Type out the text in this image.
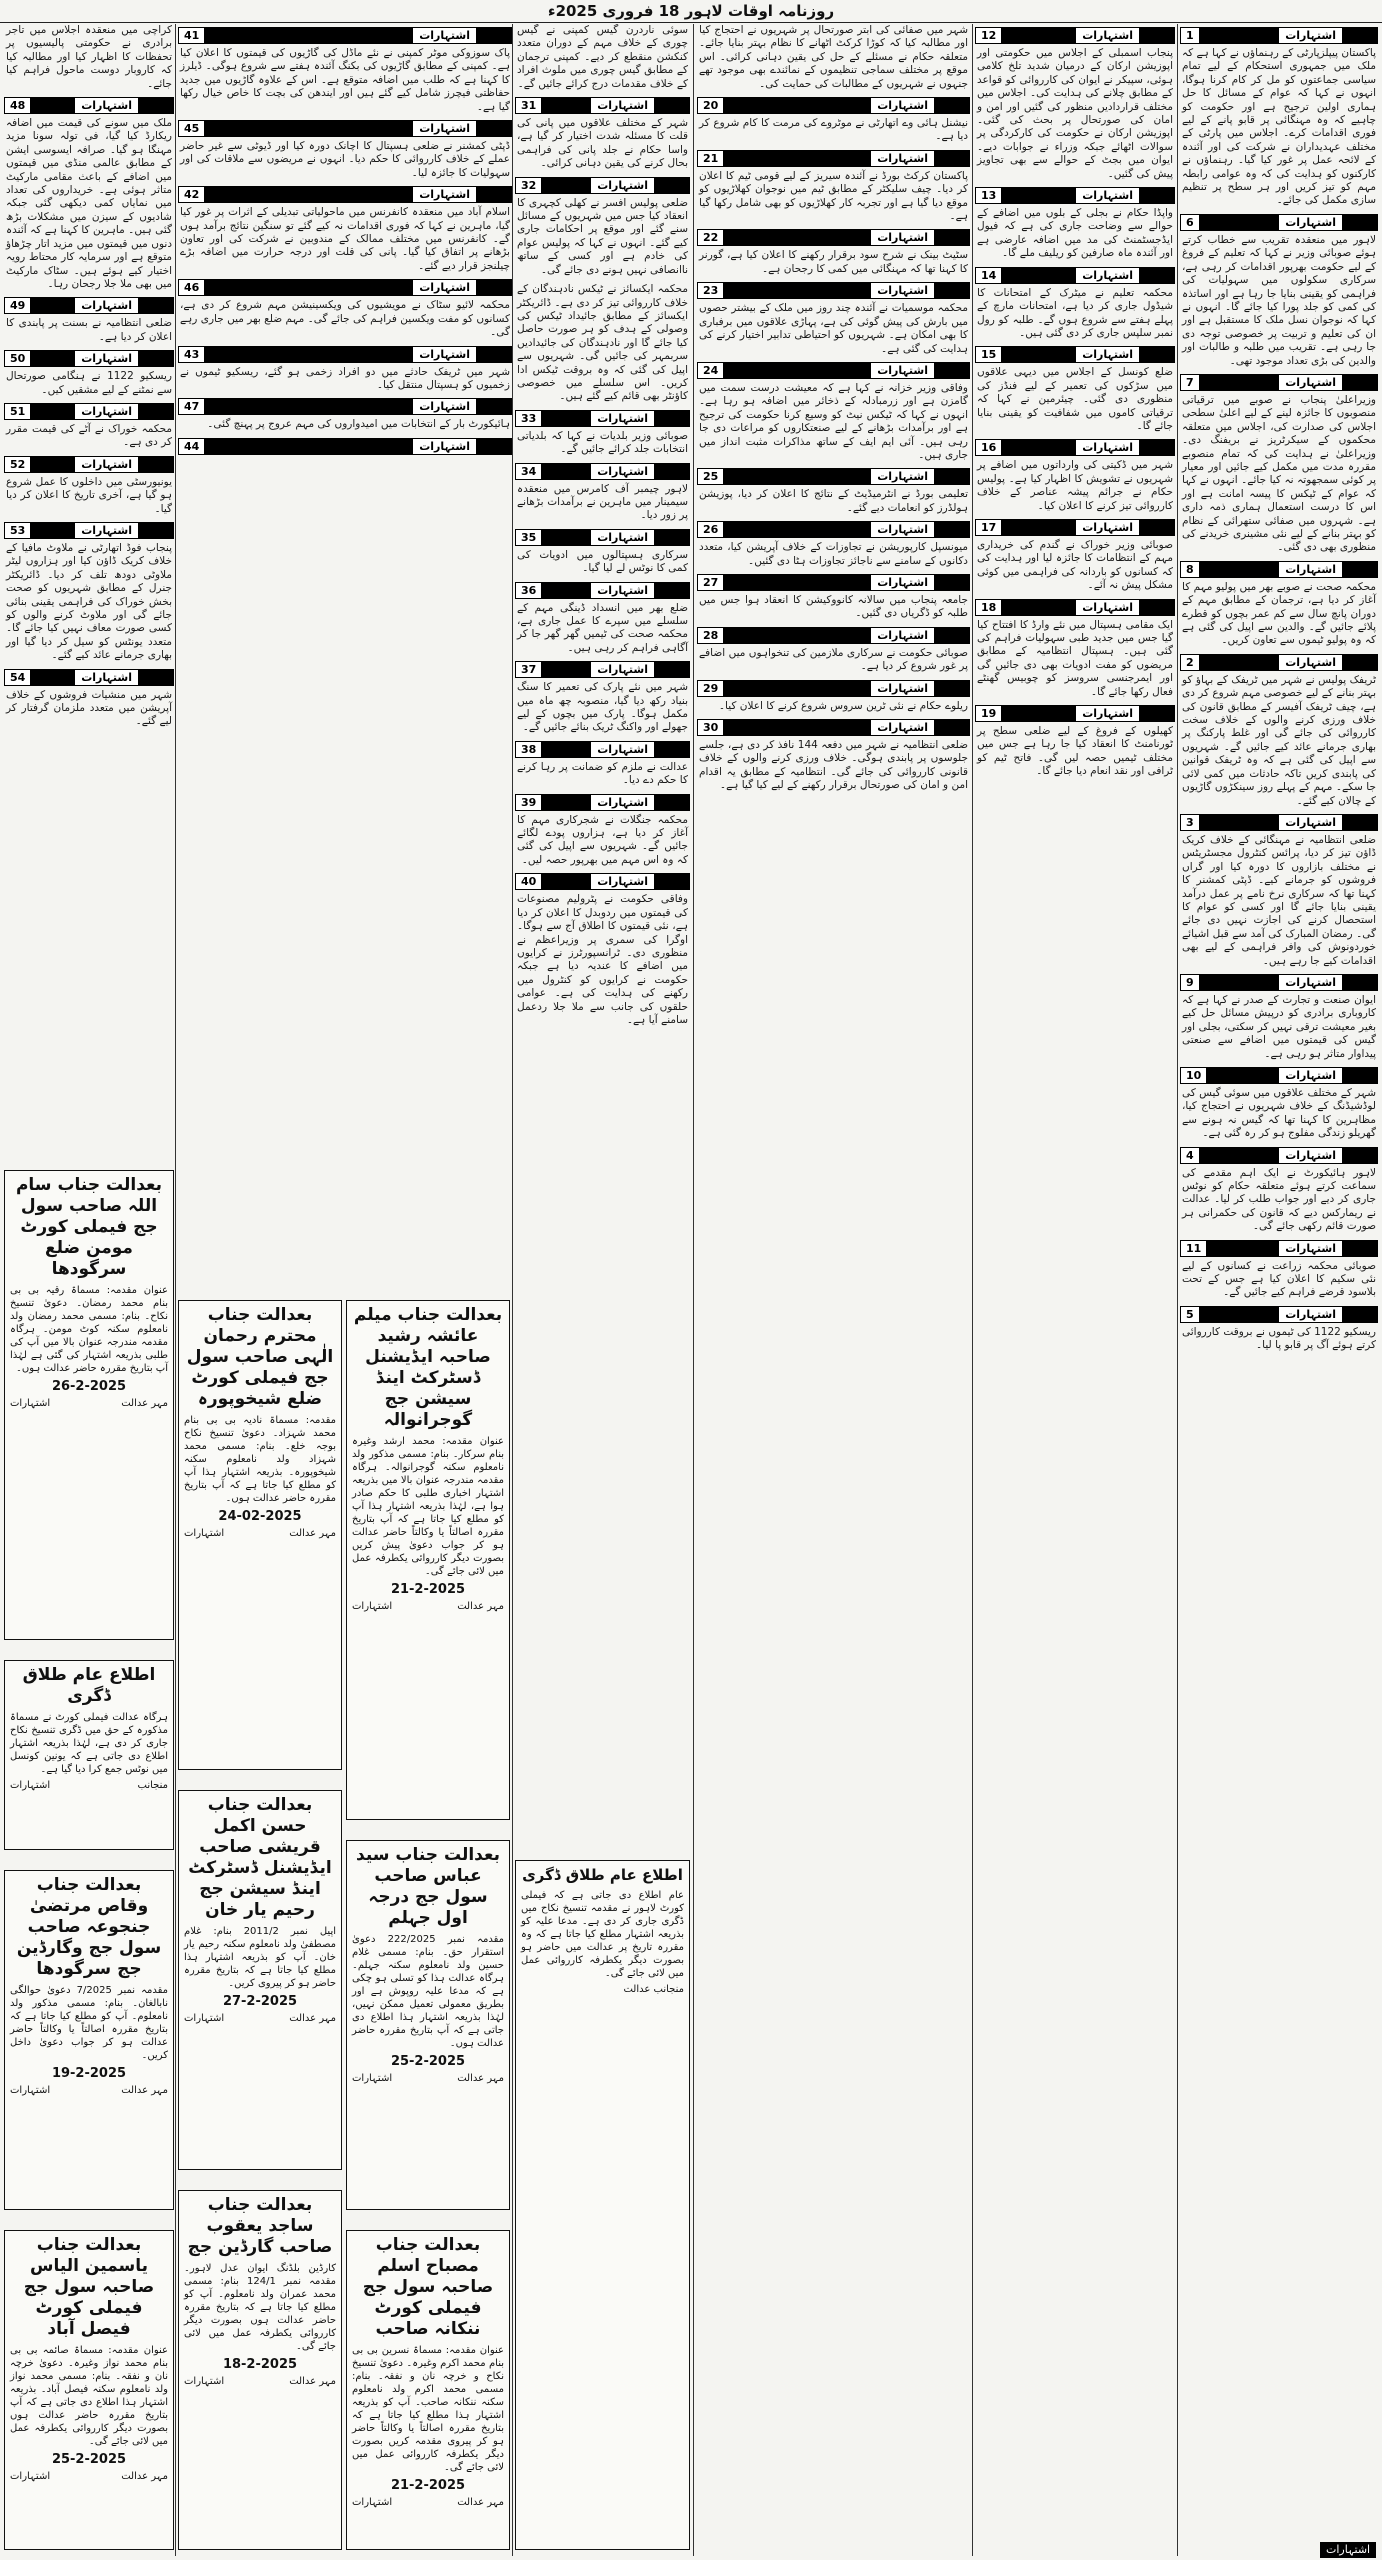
روزنامہ اوقات لاہور 18 فروری 2025ء
1	اشتہارات

پاکستان پیپلزپارٹی کے رہنماؤں نے کہا ہے کہ ملک میں جمہوری استحکام کے لیے تمام سیاسی جماعتوں کو مل کر کام کرنا ہوگا، انہوں نے کہا کہ عوام کے مسائل کا حل ہماری اولین ترجیح ہے اور حکومت کو چاہیے کہ وہ مہنگائی پر قابو پانے کے لیے فوری اقدامات کرے۔ اجلاس میں پارٹی کے مختلف عہدیداران نے شرکت کی اور آئندہ کے لائحہ عمل پر غور کیا گیا۔ رہنماؤں نے کارکنوں کو ہدایت کی کہ وہ عوامی رابطہ مہم کو تیز کریں اور ہر سطح پر تنظیم سازی مکمل کی جائے۔

6	اشتہارات

لاہور میں منعقدہ تقریب سے خطاب کرتے ہوئے صوبائی وزیر نے کہا کہ تعلیم کے فروغ کے لیے حکومت بھرپور اقدامات کر رہی ہے، سرکاری سکولوں میں سہولیات کی فراہمی کو یقینی بنایا جا رہا ہے اور اساتذہ کی کمی کو جلد پورا کیا جائے گا۔ انہوں نے کہا کہ نوجوان نسل ملک کا مستقبل ہے اور ان کی تعلیم و تربیت پر خصوصی توجہ دی جا رہی ہے۔ تقریب میں طلبہ و طالبات اور والدین کی بڑی تعداد موجود تھی۔

7	اشتہارات

وزیراعلیٰ پنجاب نے صوبے میں ترقیاتی منصوبوں کا جائزہ لینے کے لیے اعلیٰ سطحی اجلاس کی صدارت کی، اجلاس میں متعلقہ محکموں کے سیکرٹریز نے بریفنگ دی۔ وزیراعلیٰ نے ہدایت کی کہ تمام منصوبے مقررہ مدت میں مکمل کیے جائیں اور معیار پر کوئی سمجھوتہ نہ کیا جائے۔ انہوں نے کہا کہ عوام کے ٹیکس کا پیسہ امانت ہے اور اس کا درست استعمال ہماری ذمہ داری ہے۔ شہروں میں صفائی ستھرائی کے نظام کو بہتر بنانے کے لیے نئی مشینری خریدنے کی منظوری بھی دی گئی۔

8	اشتہارات

محکمہ صحت نے صوبے بھر میں پولیو مہم کا آغاز کر دیا ہے، ترجمان کے مطابق مہم کے دوران پانچ سال سے کم عمر بچوں کو قطرے پلائے جائیں گے۔ والدین سے اپیل کی گئی ہے کہ وہ پولیو ٹیموں سے تعاون کریں۔

2	اشتہارات

ٹریفک پولیس نے شہر میں ٹریفک کے بہاؤ کو بہتر بنانے کے لیے خصوصی مہم شروع کر دی ہے، چیف ٹریفک آفیسر کے مطابق قانون کی خلاف ورزی کرنے والوں کے خلاف سخت کارروائی کی جائے گی اور غلط پارکنگ پر بھاری جرمانے عائد کیے جائیں گے۔ شہریوں سے اپیل کی گئی ہے کہ وہ ٹریفک قوانین کی پابندی کریں تاکہ حادثات میں کمی لائی جا سکے۔ مہم کے پہلے روز سینکڑوں گاڑیوں کے چالان کیے گئے۔

3	اشتہارات

ضلعی انتظامیہ نے مہنگائی کے خلاف کریک ڈاؤن تیز کر دیا، پرائس کنٹرول مجسٹریٹس نے مختلف بازاروں کا دورہ کیا اور گراں فروشوں کو جرمانے کیے۔ ڈپٹی کمشنر کا کہنا تھا کہ سرکاری نرخ نامے پر عمل درآمد یقینی بنایا جائے گا اور کسی کو عوام کا استحصال کرنے کی اجازت نہیں دی جائے گی۔ رمضان المبارک کی آمد سے قبل اشیائے خوردونوش کی وافر فراہمی کے لیے بھی اقدامات کیے جا رہے ہیں۔

9	اشتہارات

ایوان صنعت و تجارت کے صدر نے کہا ہے کہ کاروباری برادری کو درپیش مسائل حل کیے بغیر معیشت ترقی نہیں کر سکتی، بجلی اور گیس کی قیمتوں میں اضافے سے صنعتی پیداوار متاثر ہو رہی ہے۔

10	اشتہارات

شہر کے مختلف علاقوں میں سوئی گیس کی لوڈشیڈنگ کے خلاف شہریوں نے احتجاج کیا، مظاہرین کا کہنا تھا کہ گیس نہ ہونے سے گھریلو زندگی مفلوج ہو کر رہ گئی ہے۔

4	اشتہارات

لاہور ہائیکورٹ نے ایک اہم مقدمے کی سماعت کرتے ہوئے متعلقہ حکام کو نوٹس جاری کر دیے اور جواب طلب کر لیا۔ عدالت نے ریمارکس دیے کہ قانون کی حکمرانی ہر صورت قائم رکھی جائے گی۔

11	اشتہارات

صوبائی محکمہ زراعت نے کسانوں کے لیے نئی سکیم کا اعلان کیا ہے جس کے تحت بلاسود قرضے فراہم کیے جائیں گے۔

5	اشتہارات

ریسکیو 1122 کی ٹیموں نے بروقت کارروائی کرتے ہوئے آگ پر قابو پا لیا۔

12	اشتہارات

پنجاب اسمبلی کے اجلاس میں حکومتی اور اپوزیشن ارکان کے درمیان شدید تلخ کلامی ہوئی، سپیکر نے ایوان کی کارروائی کو قواعد کے مطابق چلانے کی ہدایت کی۔ اجلاس میں مختلف قراردادیں منظور کی گئیں اور امن و امان کی صورتحال پر بحث کی گئی۔ اپوزیشن ارکان نے حکومت کی کارکردگی پر سوالات اٹھائے جبکہ وزراء نے جوابات دیے۔ ایوان میں بجٹ کے حوالے سے بھی تجاویز پیش کی گئیں۔

13	اشتہارات

واپڈا حکام نے بجلی کے بلوں میں اضافے کے حوالے سے وضاحت جاری کی ہے کہ فیول ایڈجسٹمنٹ کی مد میں اضافہ عارضی ہے اور آئندہ ماہ صارفین کو ریلیف ملے گا۔

14	اشتہارات

محکمہ تعلیم نے میٹرک کے امتحانات کا شیڈول جاری کر دیا ہے، امتحانات مارچ کے پہلے ہفتے سے شروع ہوں گے۔ طلبہ کو رول نمبر سلپس جاری کر دی گئی ہیں۔

15	اشتہارات

ضلع کونسل کے اجلاس میں دیہی علاقوں میں سڑکوں کی تعمیر کے لیے فنڈز کی منظوری دی گئی۔ چیئرمین نے کہا کہ ترقیاتی کاموں میں شفافیت کو یقینی بنایا جائے گا۔

16	اشتہارات

شہر میں ڈکیتی کی وارداتوں میں اضافے پر شہریوں نے تشویش کا اظہار کیا ہے۔ پولیس حکام نے جرائم پیشہ عناصر کے خلاف کارروائی تیز کرنے کا اعلان کیا۔

17	اشتہارات

صوبائی وزیر خوراک نے گندم کی خریداری مہم کے انتظامات کا جائزہ لیا اور ہدایت کی کہ کسانوں کو باردانہ کی فراہمی میں کوئی مشکل پیش نہ آئے۔

18	اشتہارات

ایک مقامی ہسپتال میں نئے وارڈ کا افتتاح کیا گیا جس میں جدید طبی سہولیات فراہم کی گئی ہیں۔ ہسپتال انتظامیہ کے مطابق مریضوں کو مفت ادویات بھی دی جائیں گی اور ایمرجنسی سروسز کو چوبیس گھنٹے فعال رکھا جائے گا۔

19	اشتہارات

کھیلوں کے فروغ کے لیے ضلعی سطح پر ٹورنامنٹ کا انعقاد کیا جا رہا ہے جس میں مختلف ٹیمیں حصہ لیں گی۔ فاتح ٹیم کو ٹرافی اور نقد انعام دیا جائے گا۔

شہر میں صفائی کی ابتر صورتحال پر شہریوں نے احتجاج کیا اور مطالبہ کیا کہ کوڑا کرکٹ اٹھانے کا نظام بہتر بنایا جائے۔ متعلقہ حکام نے مسئلے کے حل کی یقین دہانی کرائی۔ اس موقع پر مختلف سماجی تنظیموں کے نمائندے بھی موجود تھے جنہوں نے شہریوں کے مطالبات کی حمایت کی۔

20	اشتہارات

نیشنل ہائی وے اتھارٹی نے موٹروے کی مرمت کا کام شروع کر دیا ہے۔

21	اشتہارات

پاکستان کرکٹ بورڈ نے آئندہ سیریز کے لیے قومی ٹیم کا اعلان کر دیا۔ چیف سلیکٹر کے مطابق ٹیم میں نوجوان کھلاڑیوں کو موقع دیا گیا ہے اور تجربہ کار کھلاڑیوں کو بھی شامل رکھا گیا ہے۔

22	اشتہارات

سٹیٹ بینک نے شرح سود برقرار رکھنے کا اعلان کیا ہے، گورنر کا کہنا تھا کہ مہنگائی میں کمی کا رجحان ہے۔

23	اشتہارات

محکمہ موسمیات نے آئندہ چند روز میں ملک کے بیشتر حصوں میں بارش کی پیش گوئی کی ہے، پہاڑی علاقوں میں برفباری کا بھی امکان ہے۔ شہریوں کو احتیاطی تدابیر اختیار کرنے کی ہدایت کی گئی ہے۔

24	اشتہارات

وفاقی وزیر خزانہ نے کہا ہے کہ معیشت درست سمت میں گامزن ہے اور زرمبادلہ کے ذخائر میں اضافہ ہو رہا ہے۔ انہوں نے کہا کہ ٹیکس نیٹ کو وسیع کرنا حکومت کی ترجیح ہے اور برآمدات بڑھانے کے لیے صنعتکاروں کو مراعات دی جا رہی ہیں۔ آئی ایم ایف کے ساتھ مذاکرات مثبت انداز میں جاری ہیں۔

25	اشتہارات

تعلیمی بورڈ نے انٹرمیڈیٹ کے نتائج کا اعلان کر دیا، پوزیشن ہولڈرز کو انعامات دیے گئے۔

26	اشتہارات

میونسپل کارپوریشن نے تجاوزات کے خلاف آپریشن کیا، متعدد دکانوں کے سامنے سے ناجائز تجاوزات ہٹا دی گئیں۔

27	اشتہارات

جامعہ پنجاب میں سالانہ کانووکیشن کا انعقاد ہوا جس میں طلبہ کو ڈگریاں دی گئیں۔

28	اشتہارات

صوبائی حکومت نے سرکاری ملازمین کی تنخواہوں میں اضافے پر غور شروع کر دیا ہے۔

29	اشتہارات

ریلوے حکام نے نئی ٹرین سروس شروع کرنے کا اعلان کیا۔

30	اشتہارات

ضلعی انتظامیہ نے شہر میں دفعہ 144 نافذ کر دی ہے، جلسے جلوسوں پر پابندی ہوگی۔ خلاف ورزی کرنے والوں کے خلاف قانونی کارروائی کی جائے گی۔ انتظامیہ کے مطابق یہ اقدام امن و امان کی صورتحال برقرار رکھنے کے لیے کیا گیا ہے۔

سوئی ناردرن گیس کمپنی نے گیس چوری کے خلاف مہم کے دوران متعدد کنکشن منقطع کر دیے۔ کمپنی ترجمان کے مطابق گیس چوری میں ملوث افراد کے خلاف مقدمات درج کرائے جائیں گے۔

31	اشتہارات

شہر کے مختلف علاقوں میں پانی کی قلت کا مسئلہ شدت اختیار کر گیا ہے، واسا حکام نے جلد پانی کی فراہمی بحال کرنے کی یقین دہانی کرائی۔

32	اشتہارات

ضلعی پولیس افسر نے کھلی کچہری کا انعقاد کیا جس میں شہریوں کے مسائل سنے گئے اور موقع پر احکامات جاری کیے گئے۔ انہوں نے کہا کہ پولیس عوام کی خادم ہے اور کسی کے ساتھ ناانصافی نہیں ہونے دی جائے گی۔

محکمہ ایکسائز نے ٹیکس نادہندگان کے خلاف کارروائی تیز کر دی ہے۔ ڈائریکٹر ایکسائز کے مطابق جائیداد ٹیکس کی وصولی کے ہدف کو ہر صورت حاصل کیا جائے گا اور نادہندگان کی جائیدادیں سربمہر کی جائیں گی۔ شہریوں سے اپیل کی گئی کہ وہ بروقت ٹیکس ادا کریں۔ اس سلسلے میں خصوصی کاؤنٹر بھی قائم کیے گئے ہیں۔

33	اشتہارات

صوبائی وزیر بلدیات نے کہا کہ بلدیاتی انتخابات جلد کرائے جائیں گے۔

34	اشتہارات

لاہور چیمبر آف کامرس میں منعقدہ سیمینار میں ماہرین نے برآمدات بڑھانے پر زور دیا۔

35	اشتہارات

سرکاری ہسپتالوں میں ادویات کی کمی کا نوٹس لے لیا گیا۔

36	اشتہارات

ضلع بھر میں انسداد ڈینگی مہم کے سلسلے میں سپرے کا عمل جاری ہے، محکمہ صحت کی ٹیمیں گھر گھر جا کر آگاہی فراہم کر رہی ہیں۔

37	اشتہارات

شہر میں نئے پارک کی تعمیر کا سنگ بنیاد رکھ دیا گیا، منصوبہ چھ ماہ میں مکمل ہوگا۔ پارک میں بچوں کے لیے جھولے اور واکنگ ٹریک بنائے جائیں گے۔

38	اشتہارات

عدالت نے ملزم کو ضمانت پر رہا کرنے کا حکم دے دیا۔

39	اشتہارات

محکمہ جنگلات نے شجرکاری مہم کا آغاز کر دیا ہے، ہزاروں پودے لگائے جائیں گے۔ شہریوں سے اپیل کی گئی کہ وہ اس مہم میں بھرپور حصہ لیں۔

40	اشتہارات

وفاقی حکومت نے پٹرولیم مصنوعات کی قیمتوں میں ردوبدل کا اعلان کر دیا ہے، نئی قیمتوں کا اطلاق آج سے ہوگا۔ اوگرا کی سمری پر وزیراعظم نے منظوری دی۔ ٹرانسپورٹرز نے کرایوں میں اضافے کا عندیہ دیا ہے جبکہ حکومت نے کرایوں کو کنٹرول میں رکھنے کی ہدایت کی ہے۔ عوامی حلقوں کی جانب سے ملا جلا ردعمل سامنے آیا ہے۔

اطلاع عام طلاق ڈگری
عام اطلاع دی جاتی ہے کہ فیملی کورٹ لاہور نے مقدمہ تنسیخ نکاح میں ڈگری جاری کر دی ہے۔ مدعا علیہ کو بذریعہ اشتہار مطلع کیا جاتا ہے کہ وہ مقررہ تاریخ پر عدالت میں حاضر ہو بصورت دیگر یکطرفہ کارروائی عمل میں لائی جائے گی۔
منجانب عدالت
41	اشتہارات

پاک سوزوکی موٹر کمپنی نے نئے ماڈل کی گاڑیوں کی قیمتوں کا اعلان کیا ہے۔ کمپنی کے مطابق گاڑیوں کی بکنگ آئندہ ہفتے سے شروع ہوگی۔ ڈیلرز کا کہنا ہے کہ طلب میں اضافہ متوقع ہے۔ اس کے علاوہ گاڑیوں میں جدید حفاظتی فیچرز شامل کیے گئے ہیں اور ایندھن کی بچت کا خاص خیال رکھا گیا ہے۔

45	اشتہارات

ڈپٹی کمشنر نے ضلعی ہسپتال کا اچانک دورہ کیا اور ڈیوٹی سے غیر حاضر عملے کے خلاف کارروائی کا حکم دیا۔ انہوں نے مریضوں سے ملاقات کی اور سہولیات کا جائزہ لیا۔

42	اشتہارات

اسلام آباد میں منعقدہ کانفرنس میں ماحولیاتی تبدیلی کے اثرات پر غور کیا گیا، ماہرین نے کہا کہ فوری اقدامات نہ کیے گئے تو سنگین نتائج برآمد ہوں گے۔ کانفرنس میں مختلف ممالک کے مندوبین نے شرکت کی اور تعاون بڑھانے پر اتفاق کیا گیا۔ پانی کی قلت اور درجہ حرارت میں اضافہ بڑے چیلنجز قرار دیے گئے۔

46	اشتہارات

محکمہ لائیو سٹاک نے مویشیوں کی ویکسینیشن مہم شروع کر دی ہے، کسانوں کو مفت ویکسین فراہم کی جائے گی۔ مہم ضلع بھر میں جاری رہے گی۔

43	اشتہارات

شہر میں ٹریفک حادثے میں دو افراد زخمی ہو گئے، ریسکیو ٹیموں نے زخمیوں کو ہسپتال منتقل کیا۔

47	اشتہارات

ہائیکورٹ بار کے انتخابات میں امیدواروں کی مہم عروج پر پہنچ گئی۔

44	اشتہارات
بعدالت جناب میلم عائشہ رشید صاحبہ ایڈیشنل ڈسٹرکٹ اینڈ سیشن جج گوجرانوالہ
عنوان مقدمہ: محمد ارشد وغیرہ بنام سرکار۔ بنام: مسمی مذکور ولد نامعلوم سکنہ گوجرانوالہ۔ ہرگاہ مقدمہ مندرجہ عنوان بالا میں بذریعہ اشتہار اخباری طلبی کا حکم صادر ہوا ہے، لہٰذا بذریعہ اشتہار ہذا آپ کو مطلع کیا جاتا ہے کہ آپ بتاریخ مقررہ اصالتاً یا وکالتاً حاضر عدالت ہو کر جواب دعویٰ پیش کریں بصورت دیگر کارروائی یکطرفہ عمل میں لائی جائے گی۔
21-2-2025
مہر عدالت
اشتہارات
بعدالت جناب سید عباس صاحب سول جج درجہ اول جہلم
مقدمہ نمبر 222/2025 دعویٰ استقرار حق۔ بنام: مسمی غلام حسین ولد نامعلوم سکنہ جہلم۔ ہرگاہ عدالت ہذا کو تسلی ہو چکی ہے کہ مدعا علیہ روپوش ہے اور بطریق معمولی تعمیل ممکن نہیں، لہٰذا بذریعہ اشتہار ہذا اطلاع دی جاتی ہے کہ آپ بتاریخ مقررہ حاضر عدالت ہوں۔
25-2-2025
مہر عدالت
اشتہارات
بعدالت جناب مصباح اسلم صاحبہ سول جج فیملی کورٹ ننکانہ صاحب
عنوان مقدمہ: مسماۃ نسرین بی بی بنام محمد اکرم وغیرہ۔ دعویٰ تنسیخ نکاح و خرچہ نان و نفقہ۔ بنام: مسمی محمد اکرم ولد نامعلوم سکنہ ننکانہ صاحب۔ آپ کو بذریعہ اشتہار ہذا مطلع کیا جاتا ہے کہ بتاریخ مقررہ اصالتاً یا وکالتاً حاضر ہو کر پیروی مقدمہ کریں بصورت دیگر یکطرفہ کارروائی عمل میں لائی جائے گی۔
21-2-2025
مہر عدالت
اشتہارات

کراچی میں منعقدہ اجلاس میں تاجر برادری نے حکومتی پالیسیوں پر تحفظات کا اظہار کیا اور مطالبہ کیا کہ کاروبار دوست ماحول فراہم کیا جائے۔

48	اشتہارات

ملک میں سونے کی قیمت میں اضافہ ریکارڈ کیا گیا، فی تولہ سونا مزید مہنگا ہو گیا۔ صرافہ ایسوسی ایشن کے مطابق عالمی منڈی میں قیمتوں میں اضافے کے باعث مقامی مارکیٹ متاثر ہوئی ہے۔ خریداروں کی تعداد میں نمایاں کمی دیکھی گئی جبکہ شادیوں کے سیزن میں مشکلات بڑھ گئی ہیں۔ ماہرین کا کہنا ہے کہ آئندہ دنوں میں قیمتوں میں مزید اتار چڑھاؤ متوقع ہے اور سرمایہ کار محتاط رویہ اختیار کیے ہوئے ہیں۔ سٹاک مارکیٹ میں بھی ملا جلا رجحان رہا۔

49	اشتہارات

ضلعی انتظامیہ نے بسنت پر پابندی کا اعلان کر دیا ہے۔

50	اشتہارات

ریسکیو 1122 نے ہنگامی صورتحال سے نمٹنے کے لیے مشقیں کیں۔

51	اشتہارات

محکمہ خوراک نے آٹے کی قیمت مقرر کر دی ہے۔

52	اشتہارات

یونیورسٹی میں داخلوں کا عمل شروع ہو گیا ہے، آخری تاریخ کا اعلان کر دیا گیا۔

53	اشتہارات

پنجاب فوڈ اتھارٹی نے ملاوٹ مافیا کے خلاف کریک ڈاؤن کیا اور ہزاروں لیٹر ملاوٹی دودھ تلف کر دیا۔ ڈائریکٹر جنرل کے مطابق شہریوں کو صحت بخش خوراک کی فراہمی یقینی بنائی جائے گی اور ملاوٹ کرنے والوں کو کسی صورت معاف نہیں کیا جائے گا۔ متعدد یونٹس کو سیل کر دیا گیا اور بھاری جرمانے عائد کیے گئے۔

54	اشتہارات

شہر میں منشیات فروشوں کے خلاف آپریشن میں متعدد ملزمان گرفتار کر لیے گئے۔

بعدالت جناب سام اللہ صاحب سول جج فیملی کورٹ مومن ضلع سرگودھا
عنوان مقدمہ: مسماۃ رقیہ بی بی بنام محمد رمضان۔ دعویٰ تنسیخ نکاح۔ بنام: مسمی محمد رمضان ولد نامعلوم سکنہ کوٹ مومن۔ ہرگاہ مقدمہ مندرجہ عنوان بالا میں آپ کی طلبی بذریعہ اشتہار کی گئی ہے لہٰذا آپ بتاریخ مقررہ حاضر عدالت ہوں۔
26-2-2025
مہر عدالت
اشتہارات
اطلاع عام طلاق ڈگری
ہرگاہ عدالت فیملی کورٹ نے مسماۃ مذکورہ کے حق میں ڈگری تنسیخ نکاح جاری کر دی ہے، لہٰذا بذریعہ اشتہار اطلاع دی جاتی ہے کہ یونین کونسل میں نوٹس جمع کرا دیا گیا ہے۔
منجانب
اشتہارات
بعدالت جناب وقاص مرتضیٰ جنجوعہ صاحب سول جج وگارڈین جج سرگودھا
مقدمہ نمبر 7/2025 دعویٰ حوالگی نابالغان۔ بنام: مسمی مذکور ولد نامعلوم۔ آپ کو مطلع کیا جاتا ہے کہ بتاریخ مقررہ اصالتاً یا وکالتاً حاضر عدالت ہو کر جواب دعویٰ داخل کریں۔
19-2-2025
مہر عدالت
اشتہارات
بعدالت جناب یاسمین الیاس صاحبہ سول جج فیملی کورٹ فیصل آباد
عنوان مقدمہ: مسماۃ صائمہ بی بی بنام محمد نواز وغیرہ۔ دعویٰ خرچہ نان و نفقہ۔ بنام: مسمی محمد نواز ولد نامعلوم سکنہ فیصل آباد۔ بذریعہ اشتہار ہذا اطلاع دی جاتی ہے کہ آپ بتاریخ مقررہ حاضر عدالت ہوں بصورت دیگر کارروائی یکطرفہ عمل میں لائی جائے گی۔
25-2-2025
مہر عدالت
اشتہارات
بعدالت جناب محترم رحمان الٰہی صاحب سول جج فیملی کورٹ ضلع شیخوپورہ
مقدمہ: مسماۃ نادیہ بی بی بنام محمد شہزاد۔ دعویٰ تنسیخ نکاح بوجہ خلع۔ بنام: مسمی محمد شہزاد ولد نامعلوم سکنہ شیخوپورہ۔ بذریعہ اشتہار ہذا آپ کو مطلع کیا جاتا ہے کہ آپ بتاریخ مقررہ حاضر عدالت ہوں۔
24-02-2025
مہر عدالت
اشتہارات
بعدالت جناب حسن اکمل قریشی صاحب ایڈیشنل ڈسٹرکٹ اینڈ سیشن جج رحیم یار خان
اپیل نمبر 2011/2 بنام: غلام مصطفیٰ ولد نامعلوم سکنہ رحیم یار خان۔ آپ کو بذریعہ اشتہار ہذا مطلع کیا جاتا ہے کہ بتاریخ مقررہ حاضر ہو کر پیروی کریں۔
27-2-2025
مہر عدالت
اشتہارات
بعدالت جناب ساجد یعقوب صاحب گارڈین جج
کارڈین بلڈنگ ایوان عدل لاہور۔ مقدمہ نمبر 124/1 بنام: مسمی محمد عمران ولد نامعلوم۔ آپ کو مطلع کیا جاتا ہے کہ بتاریخ مقررہ حاضر عدالت ہوں بصورت دیگر کارروائی یکطرفہ عمل میں لائی جائے گی۔
18-2-2025
مہر عدالت
اشتہارات
اشتہارات
